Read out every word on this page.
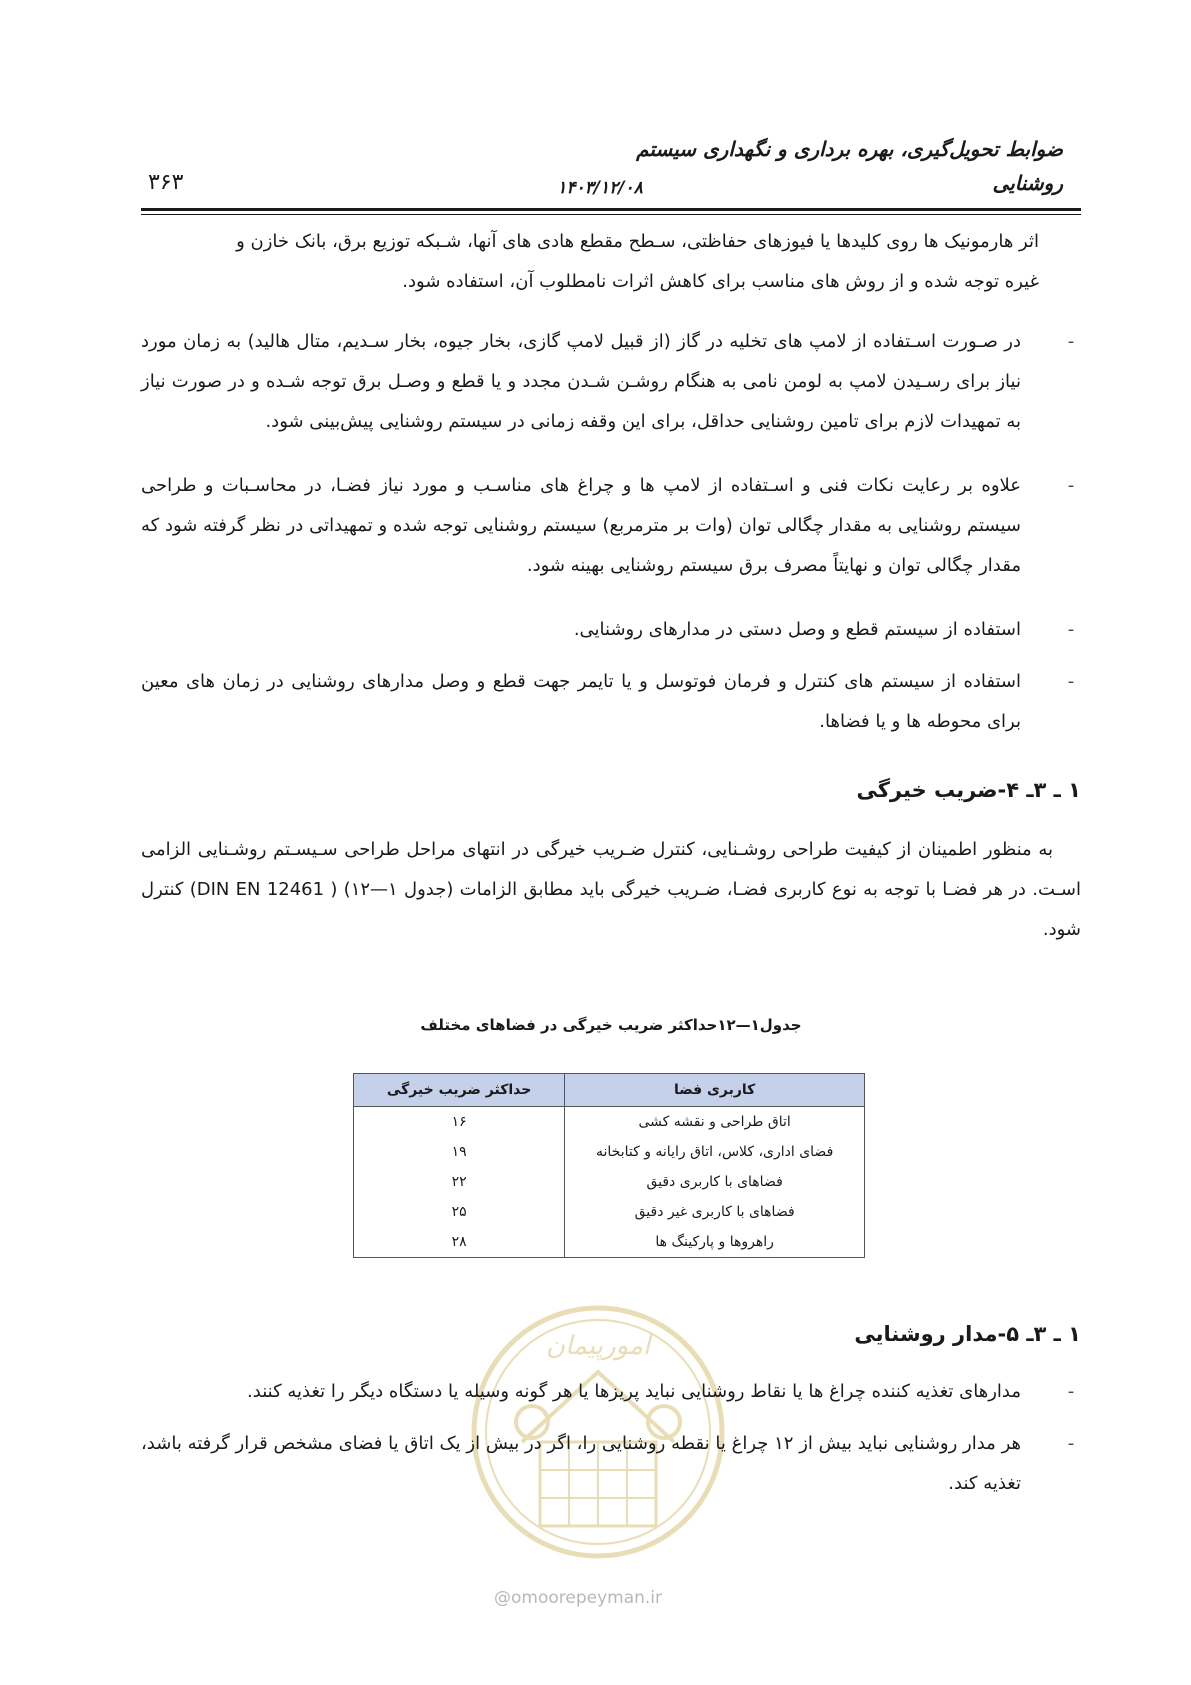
ضوابط تحویل‌گیری، بهره برداری و نگهداری سیستم
روشنایی
۱۴۰۳/۱۲/۰۸
۳۶۳
اثر هارمونیک ها روی کلیدها یا فیوزهای حفاظتی، سـطح مقطع هادی های آنها، شـبکه توزیع برق، بانک خازن و
غیره توجه شده و از روش های مناسب برای کاهش اثرات نامطلوب آن، استفاده شود.
-
در صـورت اسـتفاده از لامپ های تخلیه در گاز (از قبیل لامپ گازی، بخار جیوه، بخار سـدیم، متال هالید) به زمان مورد نیاز برای رسـیدن لامپ به لومن نامی به هنگام روشـن شـدن مجدد و یا قطع و وصـل برق توجه شـده و در صورت نیاز به تمهیدات لازم برای تامین روشنایی حداقل، برای این وقفه زمانی در سیستم روشنایی پیش‌بینی شود.
-
علاوه بر رعایت نکات فنی و اسـتفاده از لامپ ها و چراغ های مناسـب و مورد نیاز فضـا، در محاسـبات و طراحی سیستم روشنایی به مقدار چگالی توان (وات بر مترمربع) سیستم روشنایی توجه شده و تمهیداتی در نظر گرفته شود که مقدار چگالی توان و نهایتاً مصرف برق سیستم روشنایی بهینه شود.
-
استفاده از سیستم قطع و وصل دستی در مدارهای روشنایی.
-
استفاده از سیستم های کنترل و فرمان فوتوسل و یا تایمر جهت قطع و وصل مدارهای روشنایی در زمان های معین برای محوطه ها و یا فضاها.
۱ ـ ۳ـ ۴-ضریب خیرگی
به منظور اطمینان از کیفیت طراحی روشـنایی، کنترل ضـریب خیرگی در انتهای مراحل طراحی سـیسـتم روشـنایی الزامی اسـت. در هر فضـا با توجه به نوع کاربری فضـا، ضـریب خیرگی باید مطابق الزامات (جدول ۱—۱۲) ( DIN EN 12461) کنترل شود.
جدول۱—۱۲حداکثر ضریب خیرگی در فضاهای مختلف
کاربری فضا	حداکثر ضریب خیرگی
اتاق طراحی و نقشه کشی	۱۶
فضای اداری، کلاس، اتاق رایانه و کتابخانه	۱۹
فضاهای با کاربری دقیق	۲۲
فضاهای با کاربری غیر دقیق	۲۵
راهروها و پارکینگ ها	۲۸
امورپیمان	۱ ـ ۳ـ ۵-مدار روشنایی
-
مدارهای تغذیه کننده چراغ ها یا نقاط روشنایی نباید پریزها یا هر گونه وسیله یا دستگاه دیگر را تغذیه کنند.
-
هر مدار روشنایی نباید بیش از ۱۲ چراغ یا نقطه روشنایی را، اگر در بیش از یک اتاق یا فضای مشخص قرار گرفته باشد، تغذیه کند.
@omoorepeyman.ir
